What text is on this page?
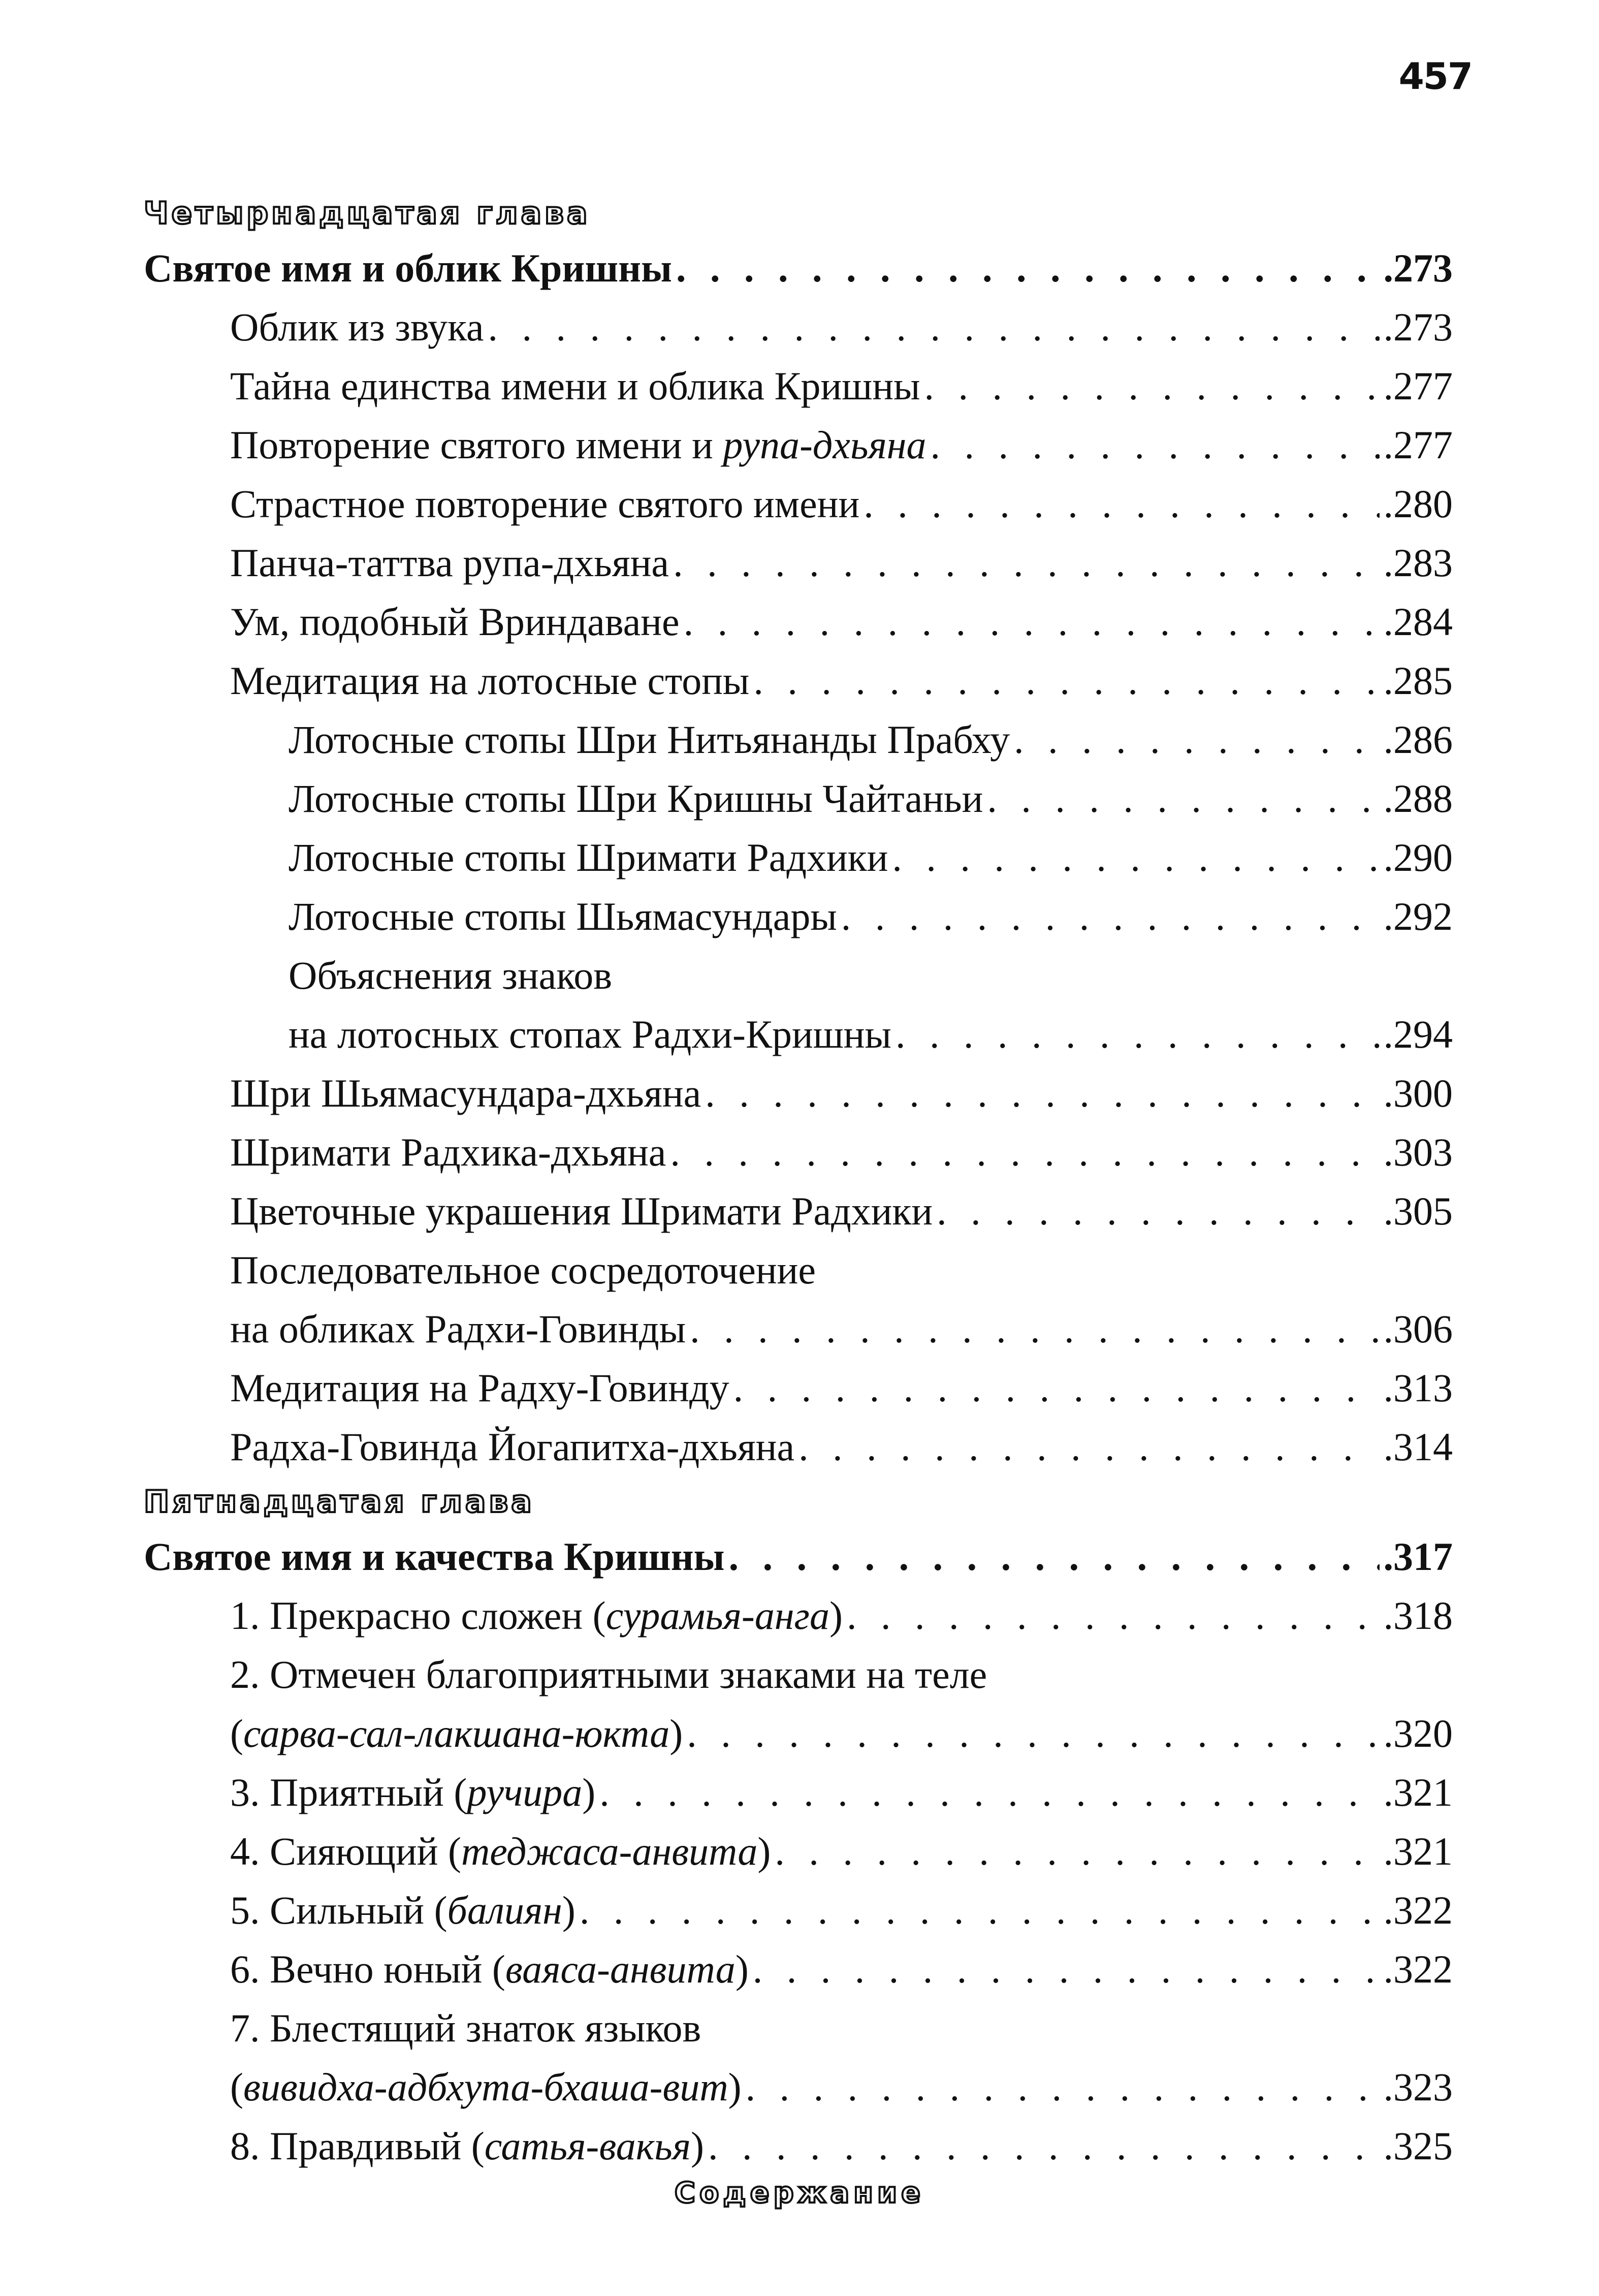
457
Четырнадцатая глава
Святое имя и облик Кришны . . .	.273
Облик из звука . . .	.273
Тайна единства имени и облика Кришны . . .	.277
Повторение святого имени и рупа-дхьяна . . .	.277
Страстное повторение святого имени . . .	.280
Панча-таттва рупа-дхьяна . . .	.283
Ум, подобный Вриндаване . . .	.284
Медитация на лотосные стопы . . .	.285
Лотосные стопы Шри Нитьянанды Прабху . . .	.286
Лотосные стопы Шри Кришны Чайтаньи . . .	.288
Лотосные стопы Шримати Радхики . . .	.290
Лотосные стопы Шьямасундары . . .	.292
Объяснения знаков
на лотосных стопах Радхи-Кришны . . .	.294
Шри Шьямасундара-дхьяна . . .	.300
Шримати Радхика-дхьяна . . .	.303
Цветочные украшения Шримати Радхики . . .	.305
Последовательное сосредоточение
на обликах Радхи-Говинды . . .	.306
Медитация на Радху-Говинду . . .	.313
Радха-Говинда Йогапитха-дхьяна . . .	.314
Пятнадцатая глава
Святое имя и качества Кришны . . .	.317
1. Прекрасно сложен (сурамья-анга) . . .	.318
2. Отмечен благоприятными знаками на теле
(сарва-сал-лакшана-юкта) . . .	.320
3. Приятный (ручира) . . .	.321
4. Сияющий (теджаса-анвита) . . .	.321
5. Сильный (балиян) . . .	.322
6. Вечно юный (ваяса-анвита) . . .	.322
7. Блестящий знаток языков
(вивидха-адбхута-бхаша-вит) . . .	.323
8. Правдивый (сатья-вакья) . . .	.325
Содержание
